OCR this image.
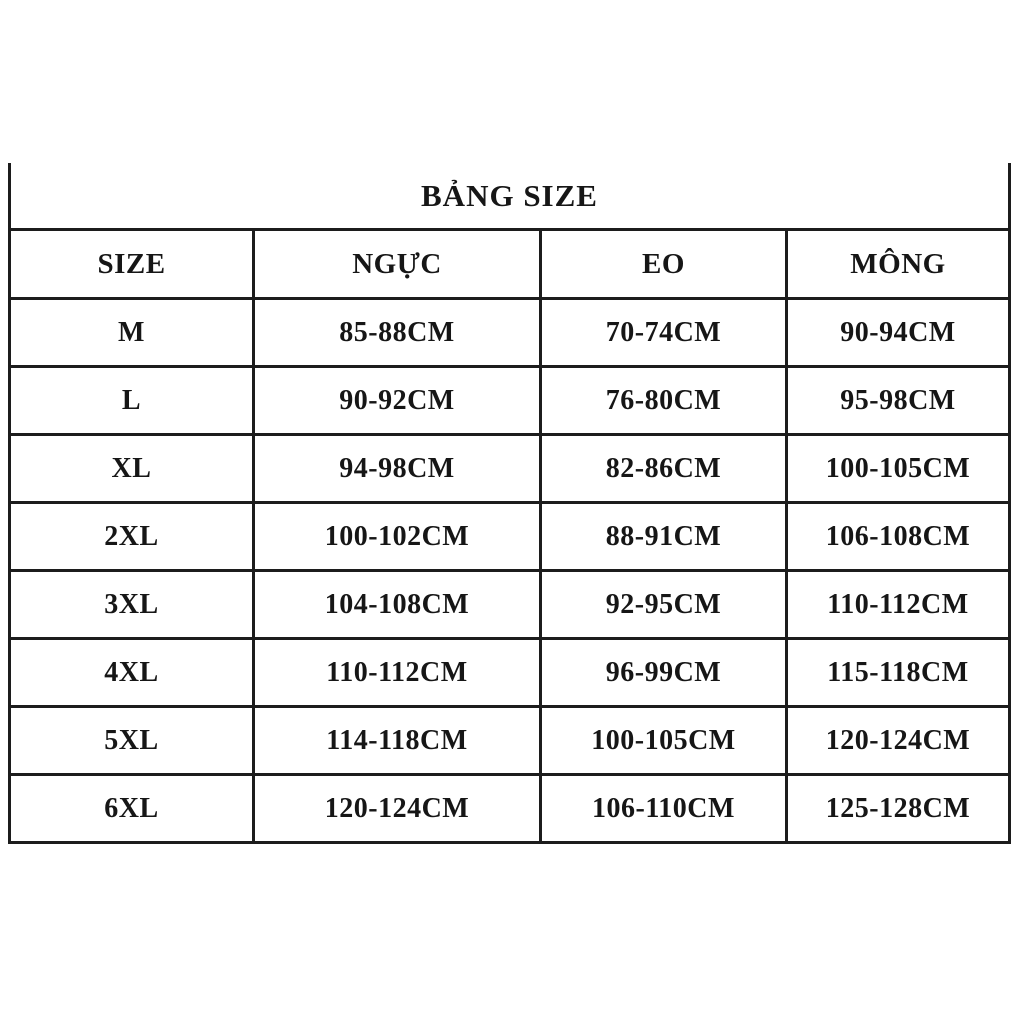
BẢNG SIZE
SIZE	NGỰC	EO	MÔNG
M	85-88CM	70-74CM	90-94CM
L	90-92CM	76-80CM	95-98CM
XL	94-98CM	82-86CM	100-105CM
2XL	100-102CM	88-91CM	106-108CM
3XL	104-108CM	92-95CM	110-112CM
4XL	110-112CM	96-99CM	115-118CM
5XL	114-118CM	100-105CM	120-124CM
6XL	120-124CM	106-110CM	125-128CM
